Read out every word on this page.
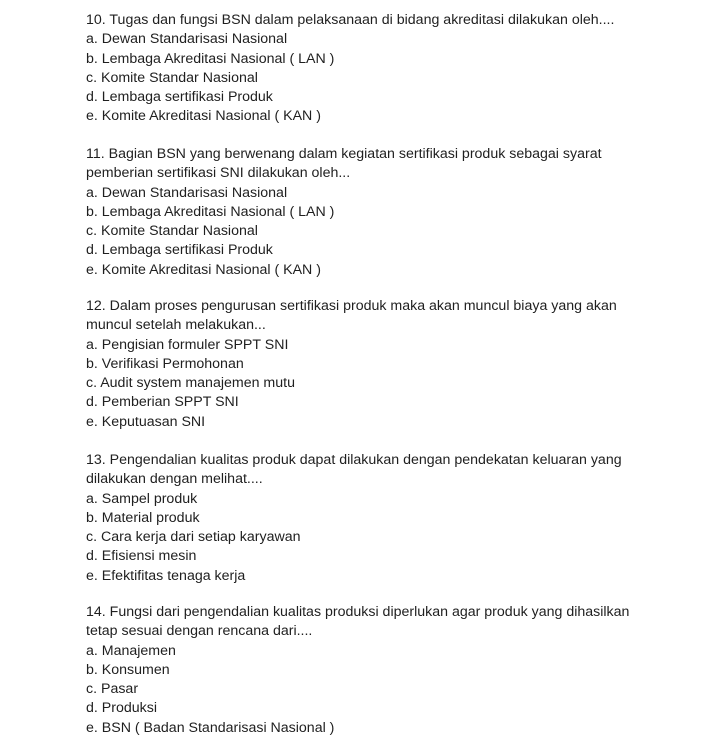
10. Tugas dan fungsi BSN dalam pelaksanaan di bidang akreditasi dilakukan oleh....

a. Dewan Standarisasi Nasional
b. Lembaga Akreditasi Nasional ( LAN )
c. Komite Standar Nasional
d. Lembaga sertifikasi Produk
e. Komite Akreditasi Nasional ( KAN )

11. Bagian BSN yang berwenang dalam kegiatan sertifikasi produk sebagai syarat pemberian sertifikasi SNI dilakukan oleh...

a. Dewan Standarisasi Nasional
b. Lembaga Akreditasi Nasional ( LAN )
c. Komite Standar Nasional
d. Lembaga sertifikasi Produk
e. Komite Akreditasi Nasional ( KAN )

12. Dalam proses pengurusan sertifikasi produk maka akan muncul biaya yang akan muncul setelah melakukan...

a. Pengisian formuler SPPT SNI
b. Verifikasi Permohonan
c. Audit system manajemen mutu
d. Pemberian SPPT SNI
e. Keputuasan SNI

13. Pengendalian kualitas produk dapat dilakukan dengan pendekatan keluaran yang dilakukan dengan melihat....

a. Sampel produk
b. Material produk
c. Cara kerja dari setiap karyawan
d. Efisiensi mesin
e. Efektifitas tenaga kerja

14. Fungsi dari pengendalian kualitas produksi diperlukan agar produk yang dihasilkan tetap sesuai dengan rencana dari....

a. Manajemen
b. Konsumen
c. Pasar
d. Produksi
e. BSN ( Badan Standarisasi Nasional )
